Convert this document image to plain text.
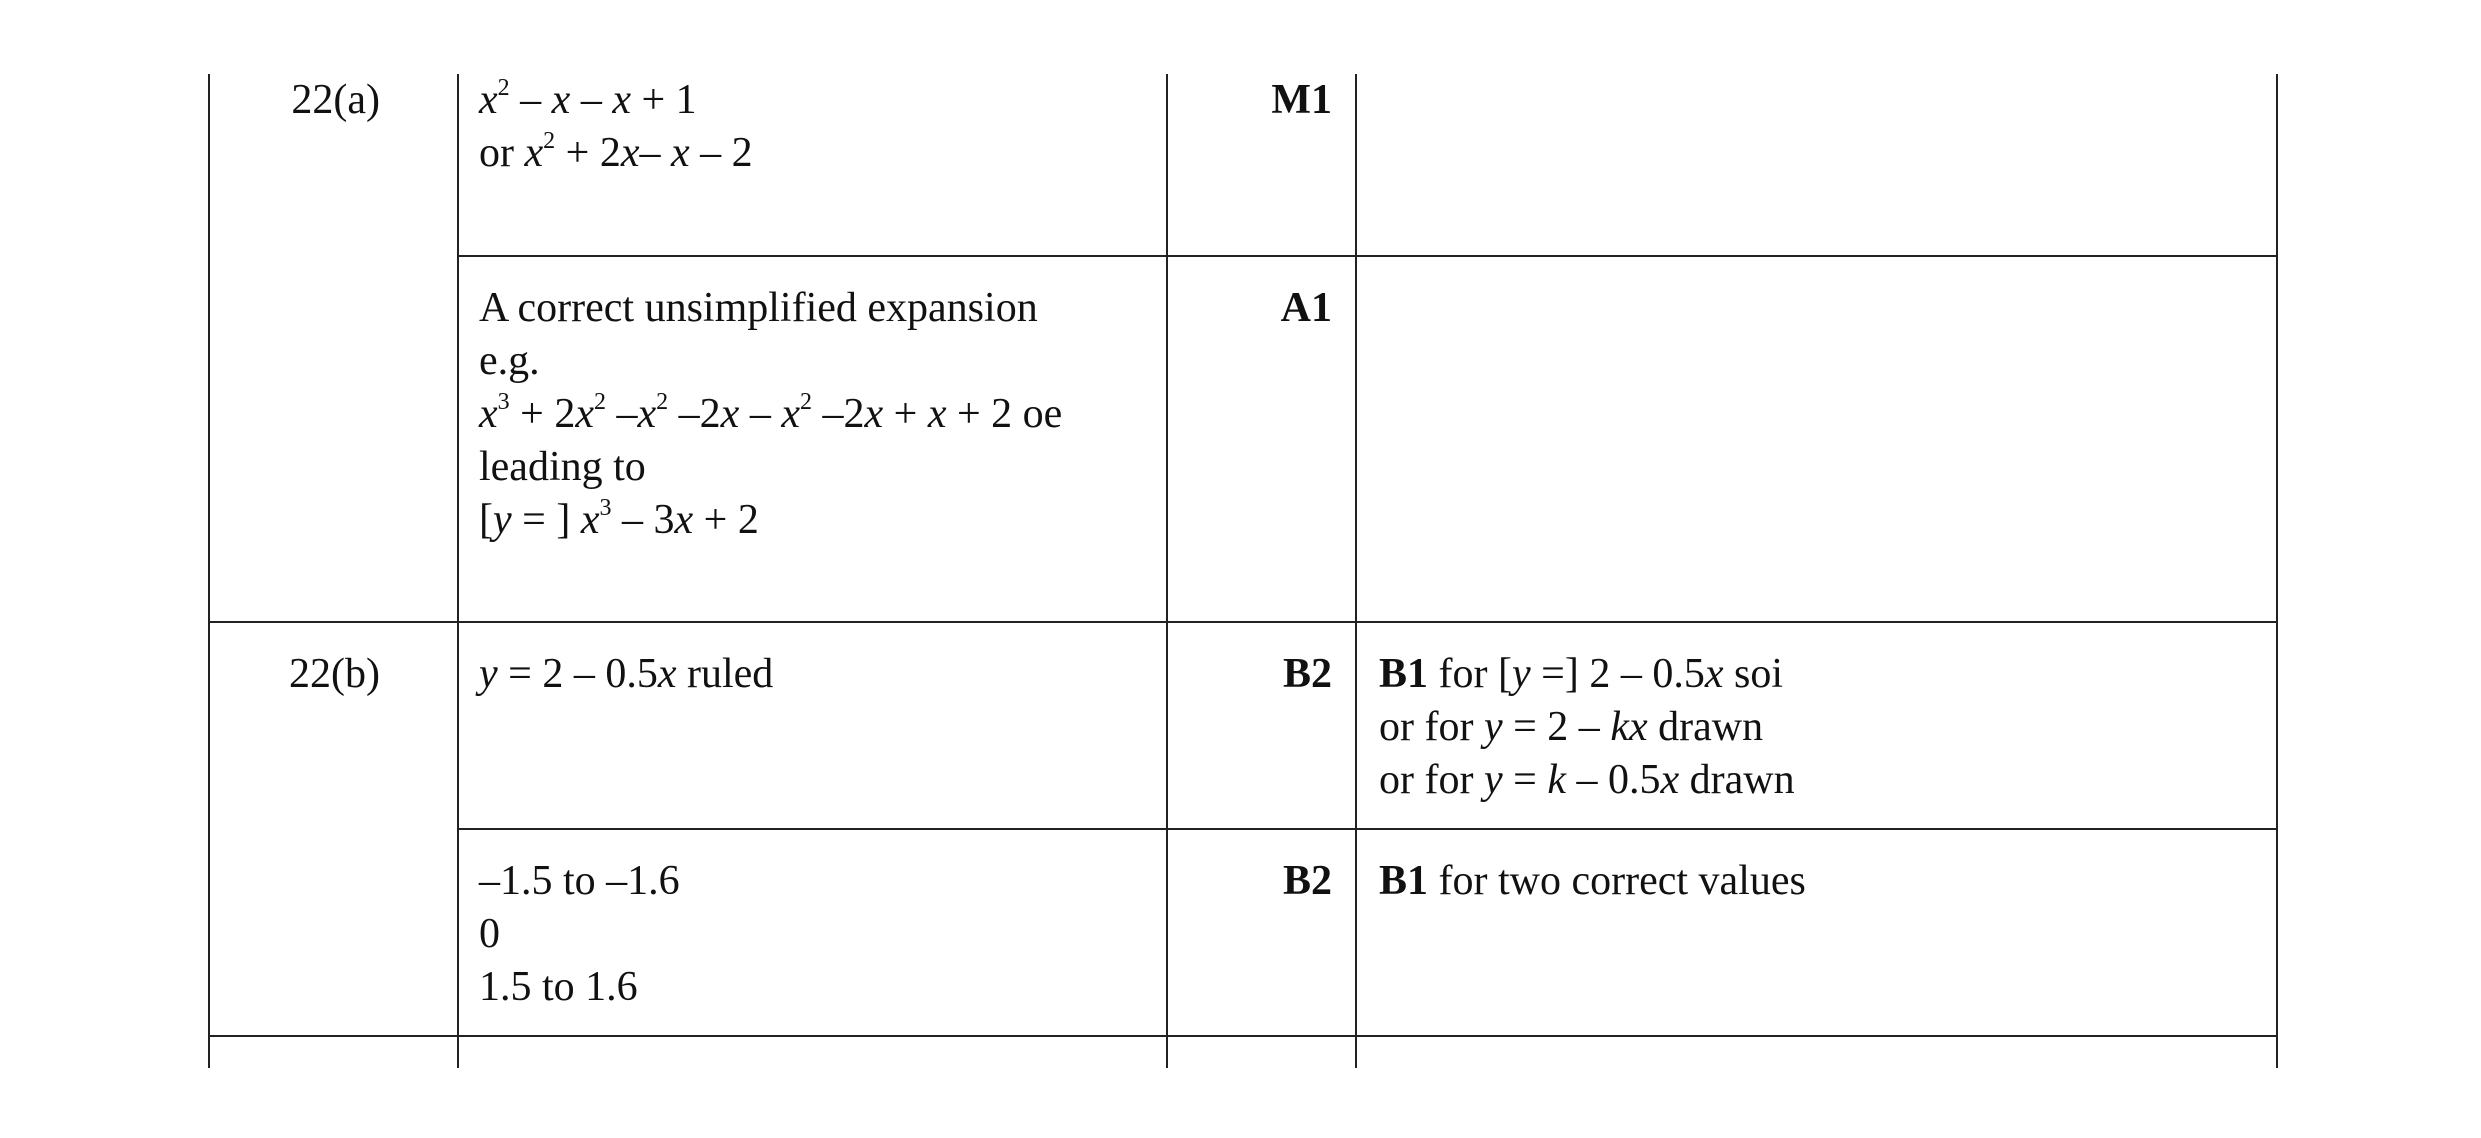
22(a) $x^2 - x - x + 1$
or $x^2 + 2x-$ x – 2
M1
A correct unsimplified expansion
e.g.
$x^3 + 2x^2$ $-x^2$ $-2x - x^2$ –2x + x + 2 oe
leading to
[y = ] $x^3 - 3x + 2$
A1
22(b) y = 2 – 0.5x ruled	B2 B1 for [y =] 2 – 0.5x soi
or for y = 2 – kx drawn
or for y = k – 0.5x drawn
–1.5 to –1.6
0
1.5 to 1.6
B2 B1 for two correct values
